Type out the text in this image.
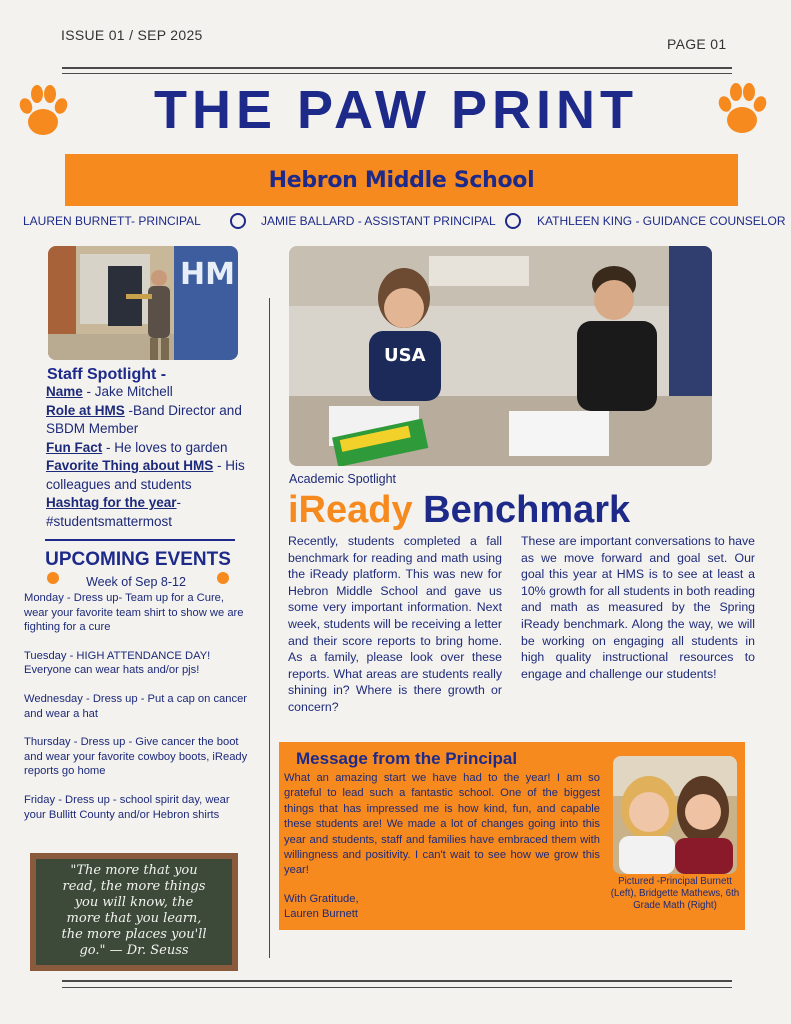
ISSUE 01 / SEP 2025
PAGE 01
THE PAW PRINT
Hebron Middle School
LAUREN BURNETT- PRINCIPAL	JAMIE BALLARD - ASSISTANT PRINCIPAL	KATHLEEN KING - GUIDANCE COUNSELOR
HM
Staff Spotlight -
Name - Jake Mitchell
Role at HMS -Band Director and SBDM Member
Fun Fact - He loves to garden
Favorite Thing about HMS - His colleagues and students
Hashtag for the year- #studentsmattermost
UPCOMING EVENTS
Week of Sep 8-12
Monday - Dress up- Team up for a Cure, wear your favorite team shirt to show we are fighting for a cure
Tuesday - HIGH ATTENDANCE DAY! Everyone can wear hats and/or pjs!
Wednesday - Dress up - Put a cap on cancer and wear a hat
Thursday - Dress up - Give cancer the boot and wear your favorite cowboy boots, iReady reports go home
Friday - Dress up - school spirit day, wear your Bullitt County and/or Hebron shirts
"The more that you read, the more things you will know, the more that you learn, the more places you'll go." — Dr. Seuss
USA
Academic Spotlight
iReady Benchmark
Recently, students completed a fall benchmark for reading and math using the iReady platform. This was new for Hebron Middle School and gave us some very important information. Next week, students will be receiving a letter and their score reports to bring home. As a family, please look over these reports. What areas are students really shining in? Where is there growth or concern?
These are important conversations to have as we move forward and goal set. Our goal this year at HMS is to see at least a 10% growth for all students in both reading and math as measured by the Spring iReady benchmark. Along the way, we will be working on engaging all students in high quality instructional resources to engage and challenge our students!
Message from the Principal
What an amazing start we have had to the year! I am so grateful to lead such a fantastic school. One of the biggest things that has impressed me is how kind, fun, and capable these students are! We made a lot of changes going into this year and students, staff and families have embraced them with willingness and positivity. I can't wait to see how we grow this year!
With Gratitude,
Lauren Burnett
Pictured -Principal Burnett (Left), Bridgette Mathews, 6th Grade Math (Right)
